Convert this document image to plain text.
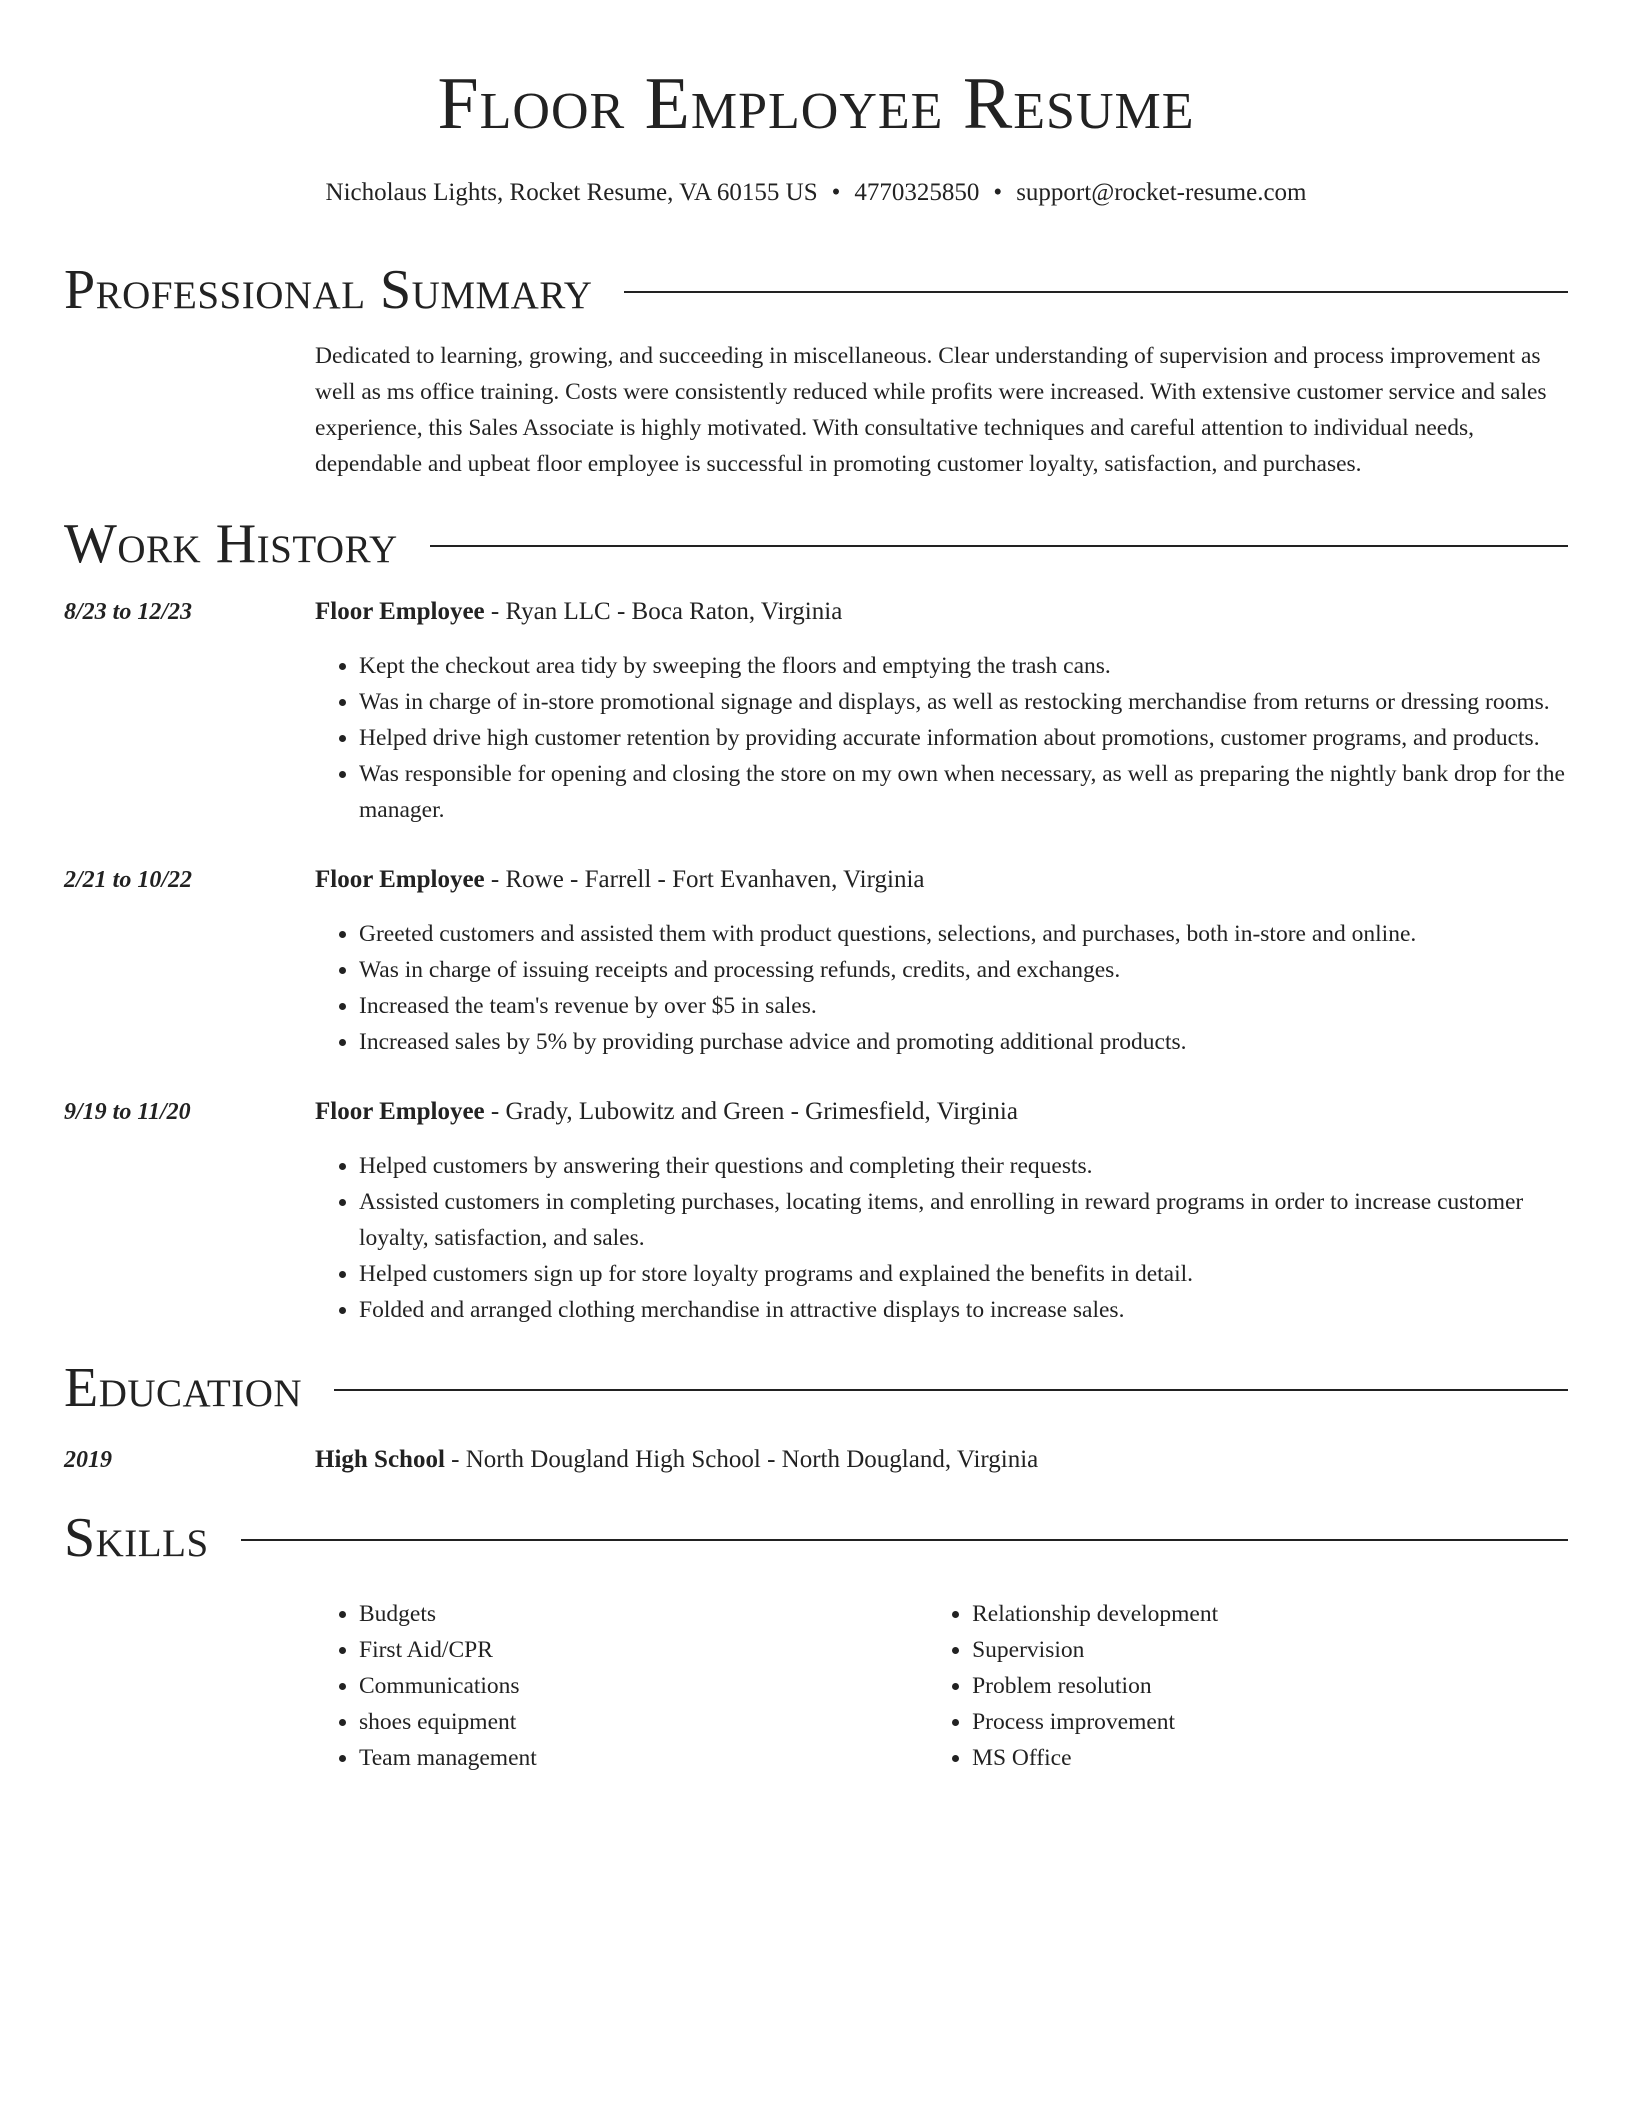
Floor Employee Resume
Nicholaus Lights, Rocket Resume, VA 60155 US • 4770325850 • support@rocket-resume.com
Professional Summary
Dedicated to learning, growing, and succeeding in miscellaneous. Clear understanding of supervision and process improvement as well as ms office training. Costs were consistently reduced while profits were increased. With extensive customer service and sales experience, this Sales Associate is highly motivated. With consultative techniques and careful attention to individual needs, dependable and upbeat floor employee is successful in promoting customer loyalty, satisfaction, and purchases.
Work History
8/23 to 12/23	Floor Employee - Ryan LLC - Boca Raton, Virginia
• Kept the checkout area tidy by sweeping the floors and emptying the trash cans.
• Was in charge of in-store promotional signage and displays, as well as restocking merchandise from returns or dressing rooms.
• Helped drive high customer retention by providing accurate information about promotions, customer programs, and products.
• Was responsible for opening and closing the store on my own when necessary, as well as preparing the nightly bank drop for the manager.
2/21 to 10/22	Floor Employee - Rowe - Farrell - Fort Evanhaven, Virginia
• Greeted customers and assisted them with product questions, selections, and purchases, both in-store and online.
• Was in charge of issuing receipts and processing refunds, credits, and exchanges.
• Increased the team's revenue by over $5 in sales.
• Increased sales by 5% by providing purchase advice and promoting additional products.
9/19 to 11/20	Floor Employee - Grady, Lubowitz and Green - Grimesfield, Virginia
• Helped customers by answering their questions and completing their requests.
• Assisted customers in completing purchases, locating items, and enrolling in reward programs in order to increase customer loyalty, satisfaction, and sales.
• Helped customers sign up for store loyalty programs and explained the benefits in detail.
• Folded and arranged clothing merchandise in attractive displays to increase sales.
Education
2019	High School - North Dougland High School - North Dougland, Virginia
Skills
• Budgets
• First Aid/CPR
• Communications
• shoes equipment
• Team management
• Relationship development
• Supervision
• Problem resolution
• Process improvement
• MS Office
